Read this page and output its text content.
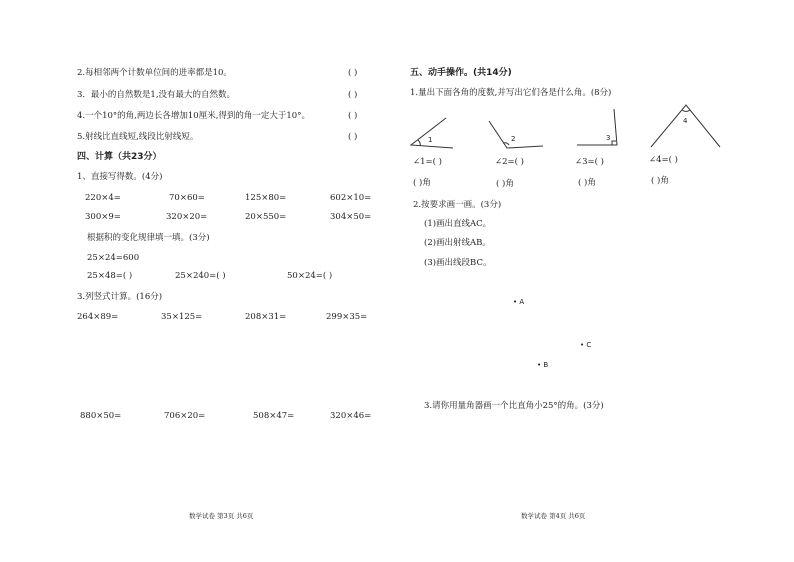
2.每相邻两个计数单位间的进率都是10。	( )
3．最小的自然数是1,没有最大的自然数。	( )
4.一个10°的角,两边长各增加10厘米,得到的角一定大于10°。	( )
5.射线比直线短,线段比射线短。	( )
四、计算（共23分）
1、直接写得数。(4分)
220×4=	70×60=	125×80=	602×10=
300×9=	320×20=	20×550=	304×50=
根据积的变化规律填一填。(3分)
25×24=600
25×48=( )	25×240=( )	50×24=( )
3.列竖式计算。(16分)
264×89=	35×125=	208×31=	299×35=
880×50=	706×20=	508×47=	320×46=
数学试卷 第3页 共6页
五、动手操作。(共14分)
1.量出下面各角的度数,并写出它们各是什么角。(8分)
1	2	3
4
∠1=( )	∠2=( )	∠3=( )	∠4=( )
( )角	( )角	( )角	( )角
2.按要求画一画。(3分)
(1)画出直线AC。
(2)画出射线AB。
(3)画出线段BC。
• A
• C
• B
3.请你用量角器画一个比直角小25°的角。(3分)
数学试卷 第4页 共6页
